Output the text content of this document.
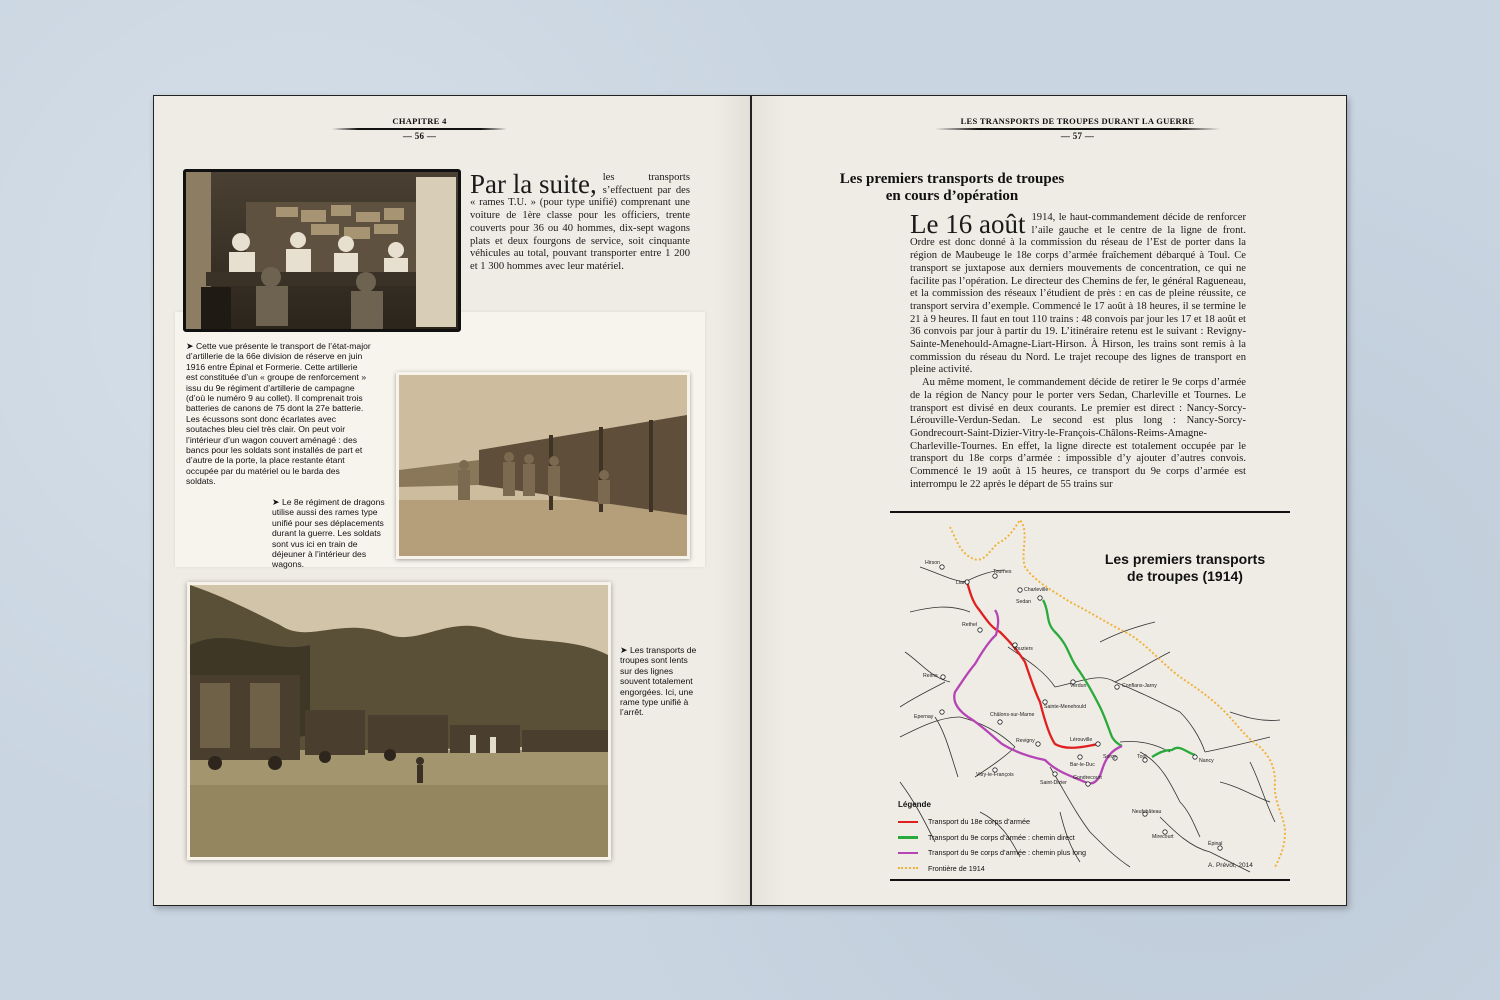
CHAPITRE 4
— 56 —
LES TRANSPORTS DE TROUPES DURANT LA GUERRE
— 57 —
Par la suite, les transports s’effectuent par des « rames T.U. » (pour type unifié) comprenant une voiture de 1ère classe pour les officiers, trente couverts pour 36 ou 40 hommes, dix-sept wagons plats et deux fourgons de service, soit cinquante véhicules au total, pouvant transporter entre 1 200 et 1 300 hommes avec leur matériel.
➤ Cette vue présente le transport de l’état-major d’artillerie de la 66e division de réserve en juin 1916 entre Épinal et Formerie. Cette artillerie est constituée d’un « groupe de renforcement » issu du 9e régiment d’artillerie de campagne (d’où le numéro 9 au collet). Il comprenait trois batteries de canons de 75 dont la 27e batterie. Les écussons sont donc écarlates avec soutaches bleu ciel très clair. On peut voir l’intérieur d’un wagon couvert aménagé : des bancs pour les soldats sont installés de part et d’autre de la porte, la place restante étant occupée par du matériel ou le barda des soldats.
➤ Le 8e régiment de dragons utilise aussi des rames type unifié pour ses déplacements durant la guerre. Les soldats sont vus ici en train de déjeuner à l’intérieur des wagons.
➤ Les transports de troupes sont lents sur des lignes souvent totalement engorgées. Ici, une rame type unifié à l’arrêt.
Les premiers transports de troupes
en cours d’opération

Le 16 août 1914, le haut-commandement décide de renforcer l’aile gauche et le centre de la ligne de front. Ordre est donc donné à la commission du réseau de l’Est de porter dans la région de Maubeuge le 18e corps d’armée fraîchement débarqué à Toul. Ce transport se juxtapose aux derniers mouvements de concentration, ce qui ne facilite pas l’opération. Le directeur des Chemins de fer, le général Ragueneau, et la commission des réseaux l’étudient de près : en cas de pleine réussite, ce transport servira d’exemple. Commencé le 17 août à 18 heures, il se termine le 21 à 9 heures. Il faut en tout 110 trains : 48 convois par jour les 17 et 18 août et 36 convois par jour à partir du 19. L’itinéraire retenu est le suivant : Revigny-Sainte-Menehould-Amagne-Liart-Hirson. À Hirson, les trains sont remis à la commission du réseau du Nord. Le trajet recoupe des lignes de transport en pleine activité.

Au même moment, le commandement décide de retirer le 9e corps d’armée de la région de Nancy pour le porter vers Sedan, Charleville et Tournes. Le transport est divisé en deux courants. Le premier est direct : Nancy-Sorcy-Lérouville-Verdun-Sedan. Le second est plus long : Nancy-Sorcy-Gondrecourt-Saint-Dizier-Vitry-le-François-Châlons-Reims-Amagne-Charleville-Tournes. En effet, la ligne directe est totalement occupée par le transport du 18e corps d’armée : impossible d’y ajouter d’autres convois. Commencé le 19 août à 15 heures, ce transport du 9e corps d’armée est interrompu le 22 après le départ de 55 trains sur

Hirson
Liart
Tournes
Charleville
Sedan
Rethel
Vouziers
Reims
Verdun
Epernay	Châlons-sur-Marne
Sainte-Menehould
Conflans-Jarny
Revigny	Lérouville
Bar-le-Duc
Sorcy	Toul
Nancy
Vitry-le-François
Saint-Dizier
Gondrecourt
Neufchâteau
Mirecourt
Épinal
Les premiers transports
de troupes (1914)
Légende
Transport du 18e corps d’armée
Transport du 9e corps d’armée : chemin direct
Transport du 9e corps d’armée : chemin plus long
Frontière de 1914	A. Prévot, 2014
